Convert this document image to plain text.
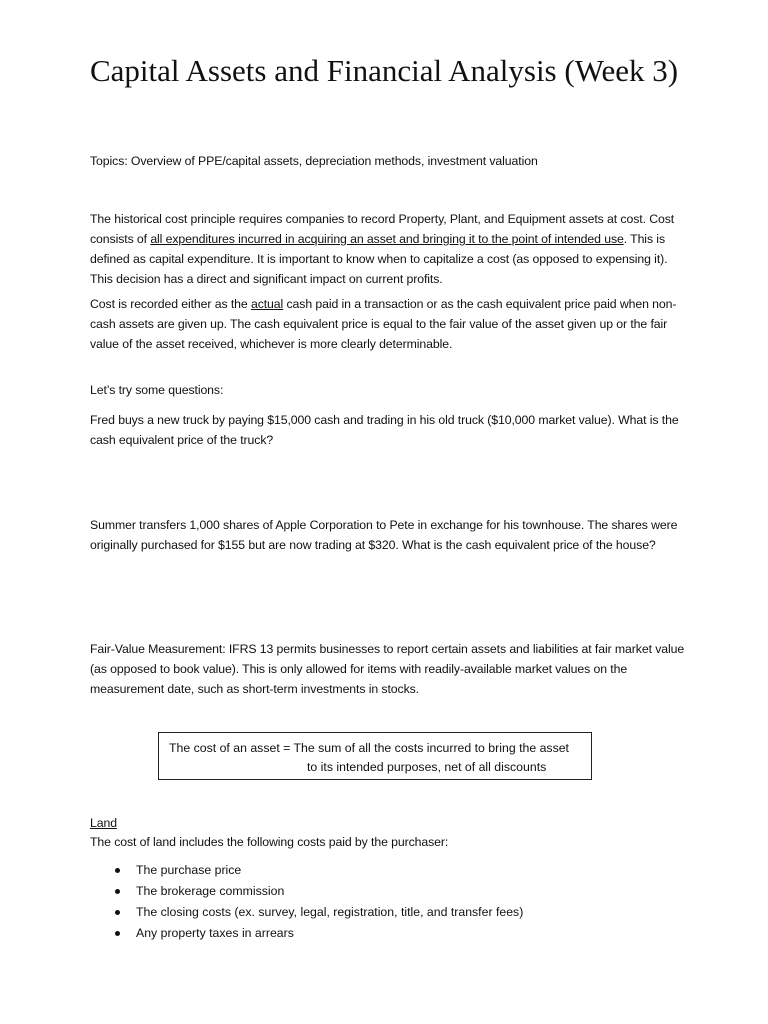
Capital Assets and Financial Analysis (Week 3)

Topics: Overview of PPE/capital assets, depreciation methods, investment valuation

The historical cost principle requires companies to record Property, Plant, and Equipment assets at cost. Cost consists of all expenditures incurred in acquiring an asset and bringing it to the point of intended use. This is defined as capital expenditure. It is important to know when to capitalize a cost (as opposed to expensing it). This decision has a direct and significant impact on current profits.

Cost is recorded either as the actual cash paid in a transaction or as the cash equivalent price paid when non-cash assets are given up. The cash equivalent price is equal to the fair value of the asset given up or the fair value of the asset received, whichever is more clearly determinable.

Let’s try some questions:

Fred buys a new truck by paying $15,000 cash and trading in his old truck ($10,000 market value). What is the cash equivalent price of the truck?

Summer transfers 1,000 shares of Apple Corporation to Pete in exchange for his townhouse. The shares were originally purchased for $155 but are now trading at $320. What is the cash equivalent price of the house?

Fair-Value Measurement: IFRS 13 permits businesses to report certain assets and liabilities at fair market value (as opposed to book value). This is only allowed for items with readily-available market values on the measurement date, such as short-term investments in stocks.

The cost of an asset = The sum of all the costs incurred to bring the asset
to its intended purposes, net of all discounts

Land

The cost of land includes the following costs paid by the purchaser:

The purchase price
The brokerage commission
The closing costs (ex. survey, legal, registration, title, and transfer fees)
Any property taxes in arrears
